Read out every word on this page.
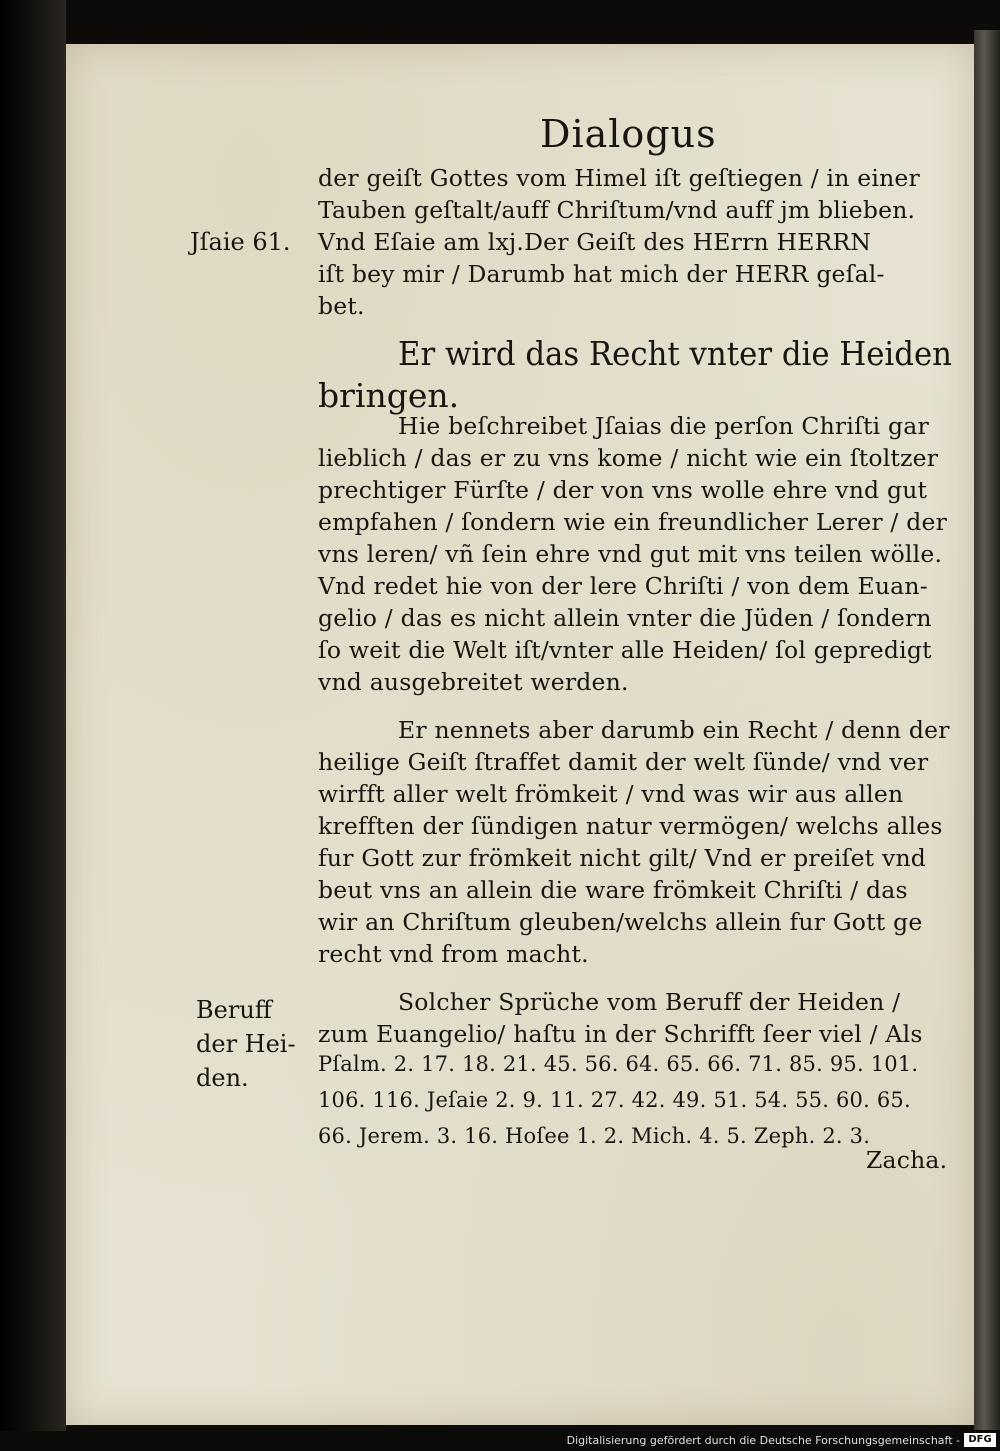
Dialogus
der geiſt Gottes vom Himel iſt geſtiegen / in einer
Tauben geſtalt/auff Chriſtum/vnd auff jm blieben.
Jſaie 61. Vnd Eſaie am lxj.Der Geiſt des HErrn HERRN
iſt bey mir / Darumb hat mich der HERR geſal-
bet.
Er wird das Recht vnter die Heiden
bringen.
Hie beſchreibet Jſaias die perſon Chriſti gar
lieblich / das er zu vns kome / nicht wie ein ſtoltzer
prechtiger Fürſte / der von vns wolle ehre vnd gut
empfahen / ſondern wie ein freundlicher Lerer / der
vns leren/ vñ ſein ehre vnd gut mit vns teilen wölle.
Vnd redet hie von der lere Chriſti / von dem Euan-
gelio / das es nicht allein vnter die Jüden / ſondern
ſo weit die Welt iſt/vnter alle Heiden/ ſol gepredigt
vnd ausgebreitet werden.
Er nennets aber darumb ein Recht / denn der
heilige Geiſt ſtraffet damit der welt ſünde/ vnd ver
wirfft aller welt frömkeit / vnd was wir aus allen
krefften der ſündigen natur vermögen/ welchs alles
fur Gott zur frömkeit nicht gilt/ Vnd er preiſet vnd
beut vns an allein die ware frömkeit Chriſti / das
wir an Chriſtum gleuben/welchs allein fur Gott ge
recht vnd from macht.
Beruff
der Hei-
den.
Solcher Sprüche vom Beruff der Heiden /
zum Euangelio/ haſtu in der Schrifft ſeer viel / Als
Pſalm. 2. 17. 18. 21. 45. 56. 64. 65. 66. 71. 85. 95. 101.
106. 116. Jeſaie 2. 9. 11. 27. 42. 49. 51. 54. 55. 60. 65.
66. Jerem. 3. 16. Hoſee 1. 2. Mich. 4. 5. Zeph. 2. 3.
Zacha.
Digitalisierung gefördert durch die Deutsche Forschungsgemeinschaft - DFG
